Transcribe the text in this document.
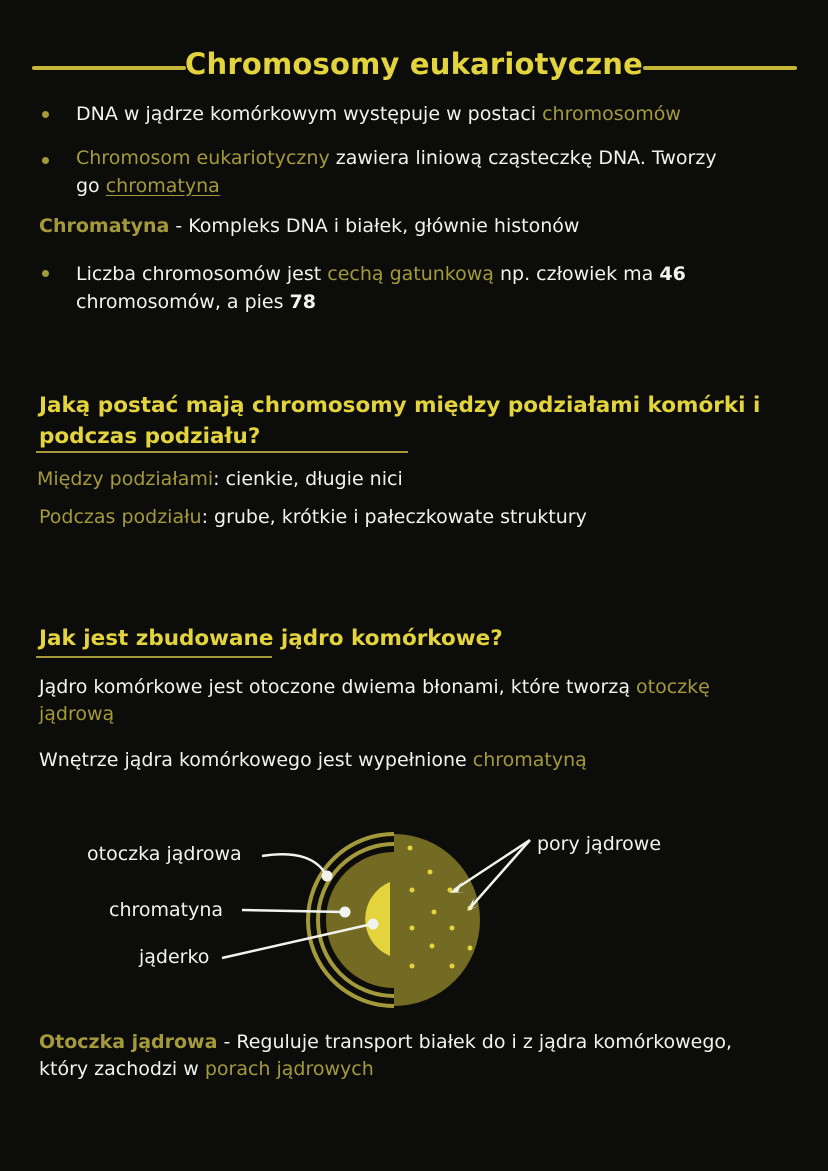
Chromosomy eukariotyczne
DNA w jądrze komórkowym występuje w postaci chromosomów
Chromosom eukariotyczny zawiera liniową cząsteczkę DNA. Tworzy
go chromatyna
Chromatyna - Kompleks DNA i białek, głównie histonów
Liczba chromosomów jest cechą gatunkową np. człowiek ma 46
chromosomów, a pies 78
Jaką postać mają chromosomy między podziałami komórki i
podczas podziału?
Między podziałami: cienkie, długie nici
Podczas podziału: grube, krótkie i pałeczkowate struktury
Jak jest zbudowane jądro komórkowe?
Jądro komórkowe jest otoczone dwiema błonami, które tworzą otoczkę
jądrową
Wnętrze jądra komórkowego jest wypełnione chromatyną
otoczka jądrowa
chromatyna
jąderko
pory jądrowe
Otoczka jądrowa - Reguluje transport białek do i z jądra komórkowego,
który zachodzi w porach jądrowych
